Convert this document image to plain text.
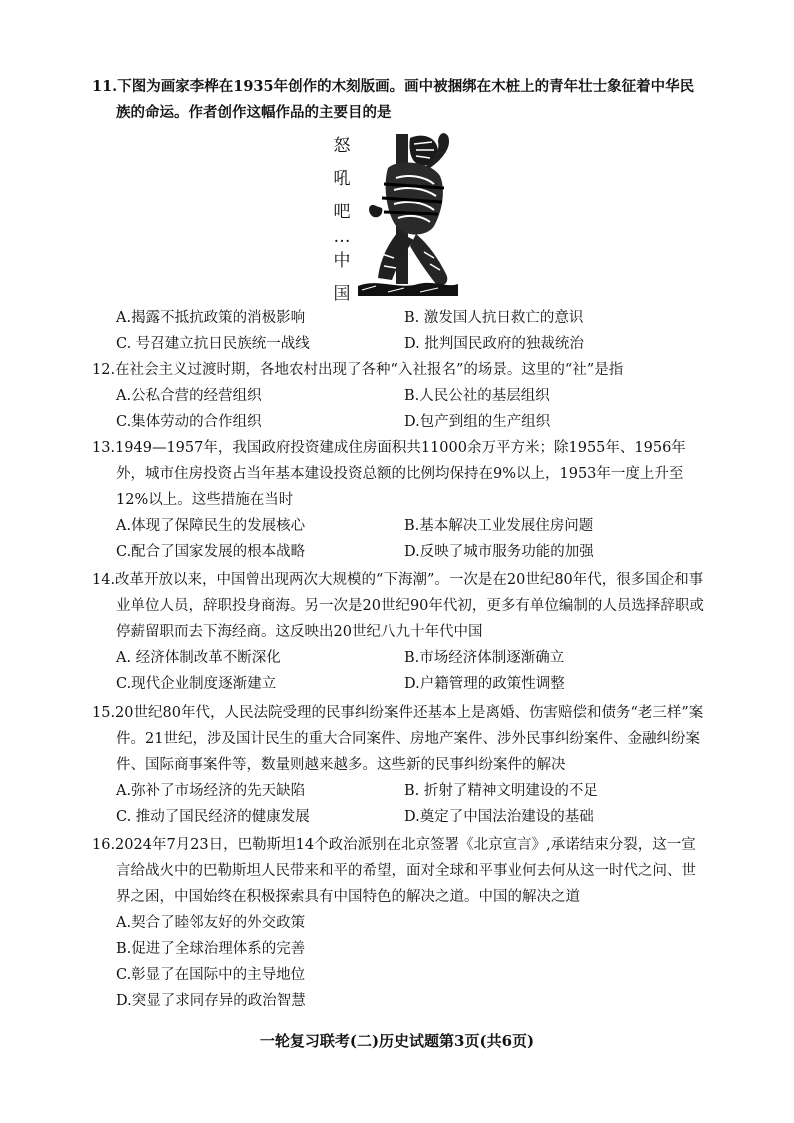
11.下图为画家李桦在1935年创作的木刻版画。画中被捆绑在木桩上的青年壮士象征着中华民族的命运。作者创作这幅作品的主要目的是

怒
吼
吧
…
中
国
A.揭露不抵抗政策的消极影响	B. 激发国人抗日救亡的意识
C. 号召建立抗日民族统一战线	D. 批判国民政府的独裁统治

12.在社会主义过渡时期，各地农村出现了各种“入社报名”的场景。这里的“社”是指

A.公私合营的经营组织	B.人民公社的基层组织
C.集体劳动的合作组织	D.包产到组的生产组织

13.1949—1957年，我国政府投资建成住房面积共11000余万平方米；除1955年、1956年外，城市住房投资占当年基本建设投资总额的比例均保持在9%以上，1953年一度上升至12%以上。这些措施在当时

A.体现了保障民生的发展核心	B.基本解决工业发展住房问题
C.配合了国家发展的根本战略	D.反映了城市服务功能的加强

14.改革开放以来，中国曾出现两次大规模的“下海潮”。一次是在20世纪80年代，很多国企和事业单位人员，辞职投身商海。另一次是20世纪90年代初，更多有单位编制的人员选择辞职或停薪留职而去下海经商。这反映出20世纪八九十年代中国

A. 经济体制改革不断深化	B.市场经济体制逐渐确立
C.现代企业制度逐渐建立	D.户籍管理的政策性调整

15.20世纪80年代，人民法院受理的民事纠纷案件还基本上是离婚、伤害赔偿和债务“老三样”案件。21世纪，涉及国计民生的重大合同案件、房地产案件、涉外民事纠纷案件、金融纠纷案件、国际商事案件等，数量则越来越多。这些新的民事纠纷案件的解决

A.弥补了市场经济的先天缺陷	B. 折射了精神文明建设的不足
C. 推动了国民经济的健康发展	D.奠定了中国法治建设的基础

16.2024年7月23日，巴勒斯坦14个政治派别在北京签署《北京宣言》,承诺结束分裂，这一宣言给战火中的巴勒斯坦人民带来和平的希望，面对全球和平事业何去何从这一时代之问、世界之困，中国始终在积极探索具有中国特色的解决之道。中国的解决之道

A.契合了睦邻友好的外交政策
B.促进了全球治理体系的完善
C.彰显了在国际中的主导地位
D.突显了求同存异的政治智慧
一轮复习联考(二)历史试题第3页(共6页)
